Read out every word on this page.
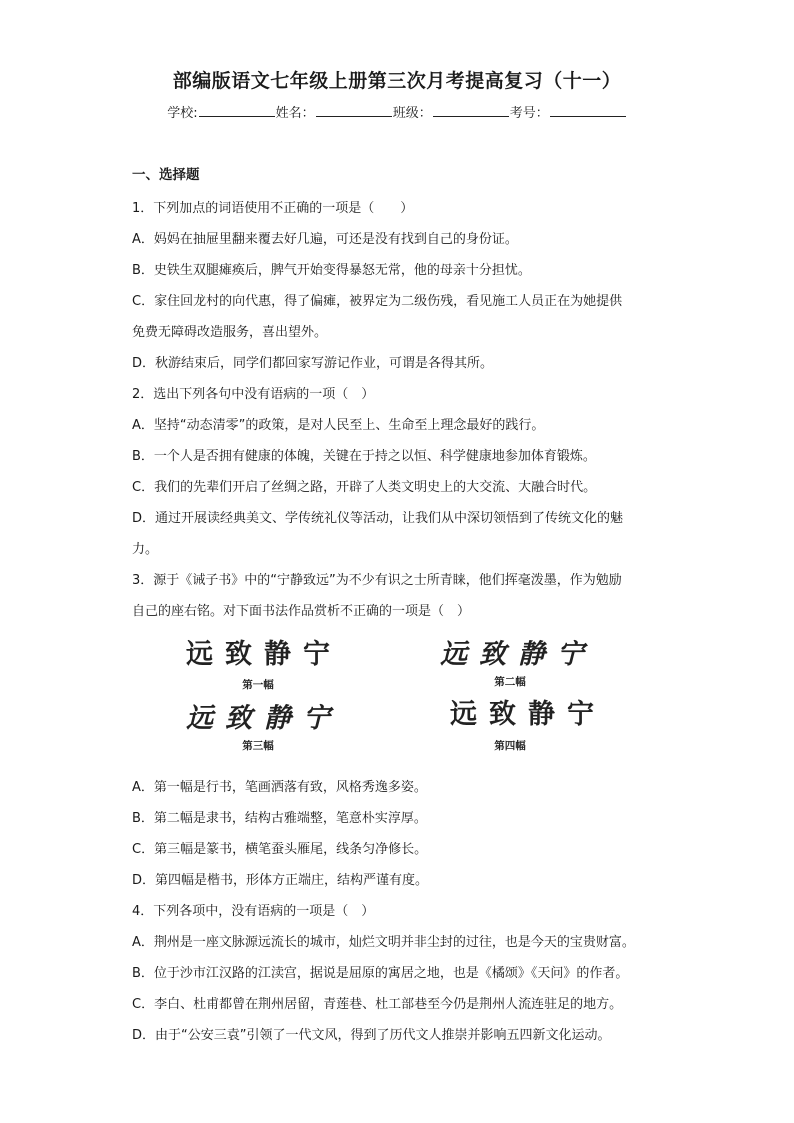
部编版语文七年级上册第三次月考提高复习（十一）
学校:	姓名：	班级：	考号：
一、选择题
1．下列加点的词语使用不正确的一项是（　　）
A．妈妈在抽屉里翻来覆去好几遍，可还是没有找到自己的身份证。
B．史铁生双腿瘫痪后，脾气开始变得暴怒无常，他的母亲十分担忧。
C．家住回龙村的向代惠，得了偏瘫，被界定为二级伤残，看见施工人员正在为她提供
免费无障碍改造服务，喜出望外。
D．秋游结束后，同学们都回家写游记作业，可谓是各得其所。
2．选出下列各句中没有语病的一项（　）
A．坚持“动态清零”的政策，是对人民至上、生命至上理念最好的践行。
B．一个人是否拥有健康的体魄，关键在于持之以恒、科学健康地参加体育锻炼。
C．我们的先辈们开启了丝绸之路，开辟了人类文明史上的大交流、大融合时代。
D．通过开展读经典美文、学传统礼仪等活动，让我们从中深切领悟到了传统文化的魅
力。
3．源于《诫子书》中的“宁静致远”为不少有识之士所青睐，他们挥毫泼墨，作为勉励
自己的座右铭。对下面书法作品赏析不正确的一项是（　）
远致静宁
第一幅
远致静宁
第二幅
远致静宁
第三幅
远致静宁
第四幅
A．第一幅是行书，笔画洒落有致，风格秀逸多姿。
B．第二幅是隶书，结构古雅端整，笔意朴实淳厚。
C．第三幅是篆书，横笔蚕头雁尾，线条匀净修长。
D．第四幅是楷书，形体方正端庄，结构严谨有度。
4．下列各项中，没有语病的一项是（　）
A．荆州是一座文脉源远流长的城市，灿烂文明并非尘封的过往，也是今天的宝贵财富。
B．位于沙市江汉路的江渎宫，据说是屈原的寓居之地，也是《橘颂》《天问》的作者。
C．李白、杜甫都曾在荆州居留，青莲巷、杜工部巷至今仍是荆州人流连驻足的地方。
D．由于“公安三袁”引领了一代文风，得到了历代文人推崇并影响五四新文化运动。
